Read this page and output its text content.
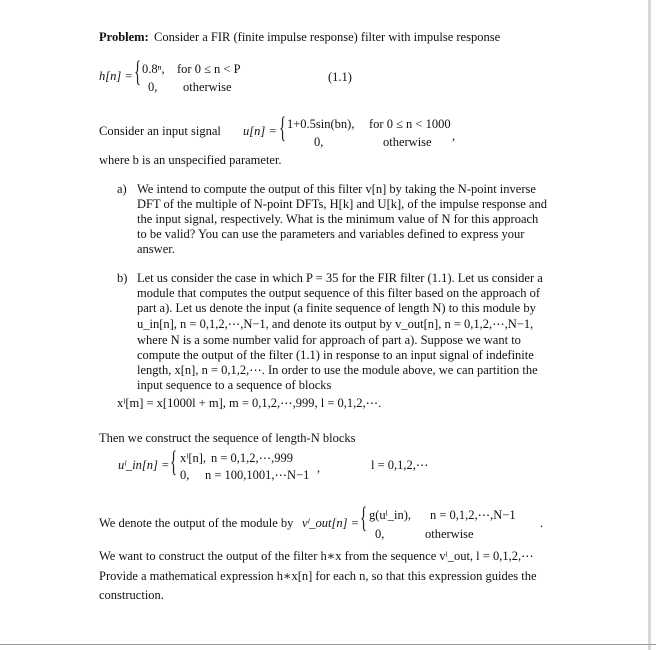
Problem: Consider a FIR (finite impulse response) filter with impulse response
h[n] = { 0.8ⁿ, for 0 ≤ n < P
0, otherwise
(1.1)
Consider an input signal u[n] = { 1+0.5sin(bn), for 0 ≤ n < 1000
0,	otherwise ,
where b is an unspecified parameter.
a) We intend to compute the output of this filter v[n] by taking the N-point inverse
DFT of the multiple of N-point DFTs, H[k] and U[k], of the impulse response and
the input signal, respectively. What is the minimum value of N for this approach
to be valid? You can use the parameters and variables defined to express your
answer.
b) Let us consider the case in which P = 35 for the FIR filter (1.1). Let us consider a
module that computes the output sequence of this filter based on the approach of
part a). Let us denote the input (a finite sequence of length N) to this module by
u_in[n], n = 0,1,2,⋯,N−1, and denote its output by v_out[n], n = 0,1,2,⋯,N−1,
where N is a some number valid for approach of part a). Suppose we want to
compute the output of the filter (1.1) in response to an input signal of indefinite
length, x[n], n = 0,1,2,⋯. In order to use the module above, we can partition the
input sequence to a sequence of blocks
xˡ[m] = x[1000l + m], m = 0,1,2,⋯,999, l = 0,1,2,⋯.
Then we construct the sequence of length-N blocks
uˡ_in[n] = { xˡ[n], n = 0,1,2,⋯,999
0, n = 100,1001,⋯N−1 ,	l = 0,1,2,⋯
We denote the output of the module by vˡ_out[n] = { g(uˡ_in), n = 0,1,2,⋯,N−1
0,	otherwise
.
We want to construct the output of the filter h∗x from the sequence vˡ_out, l = 0,1,2,⋯
Provide a mathematical expression h∗x[n] for each n, so that this expression guides the
construction.
